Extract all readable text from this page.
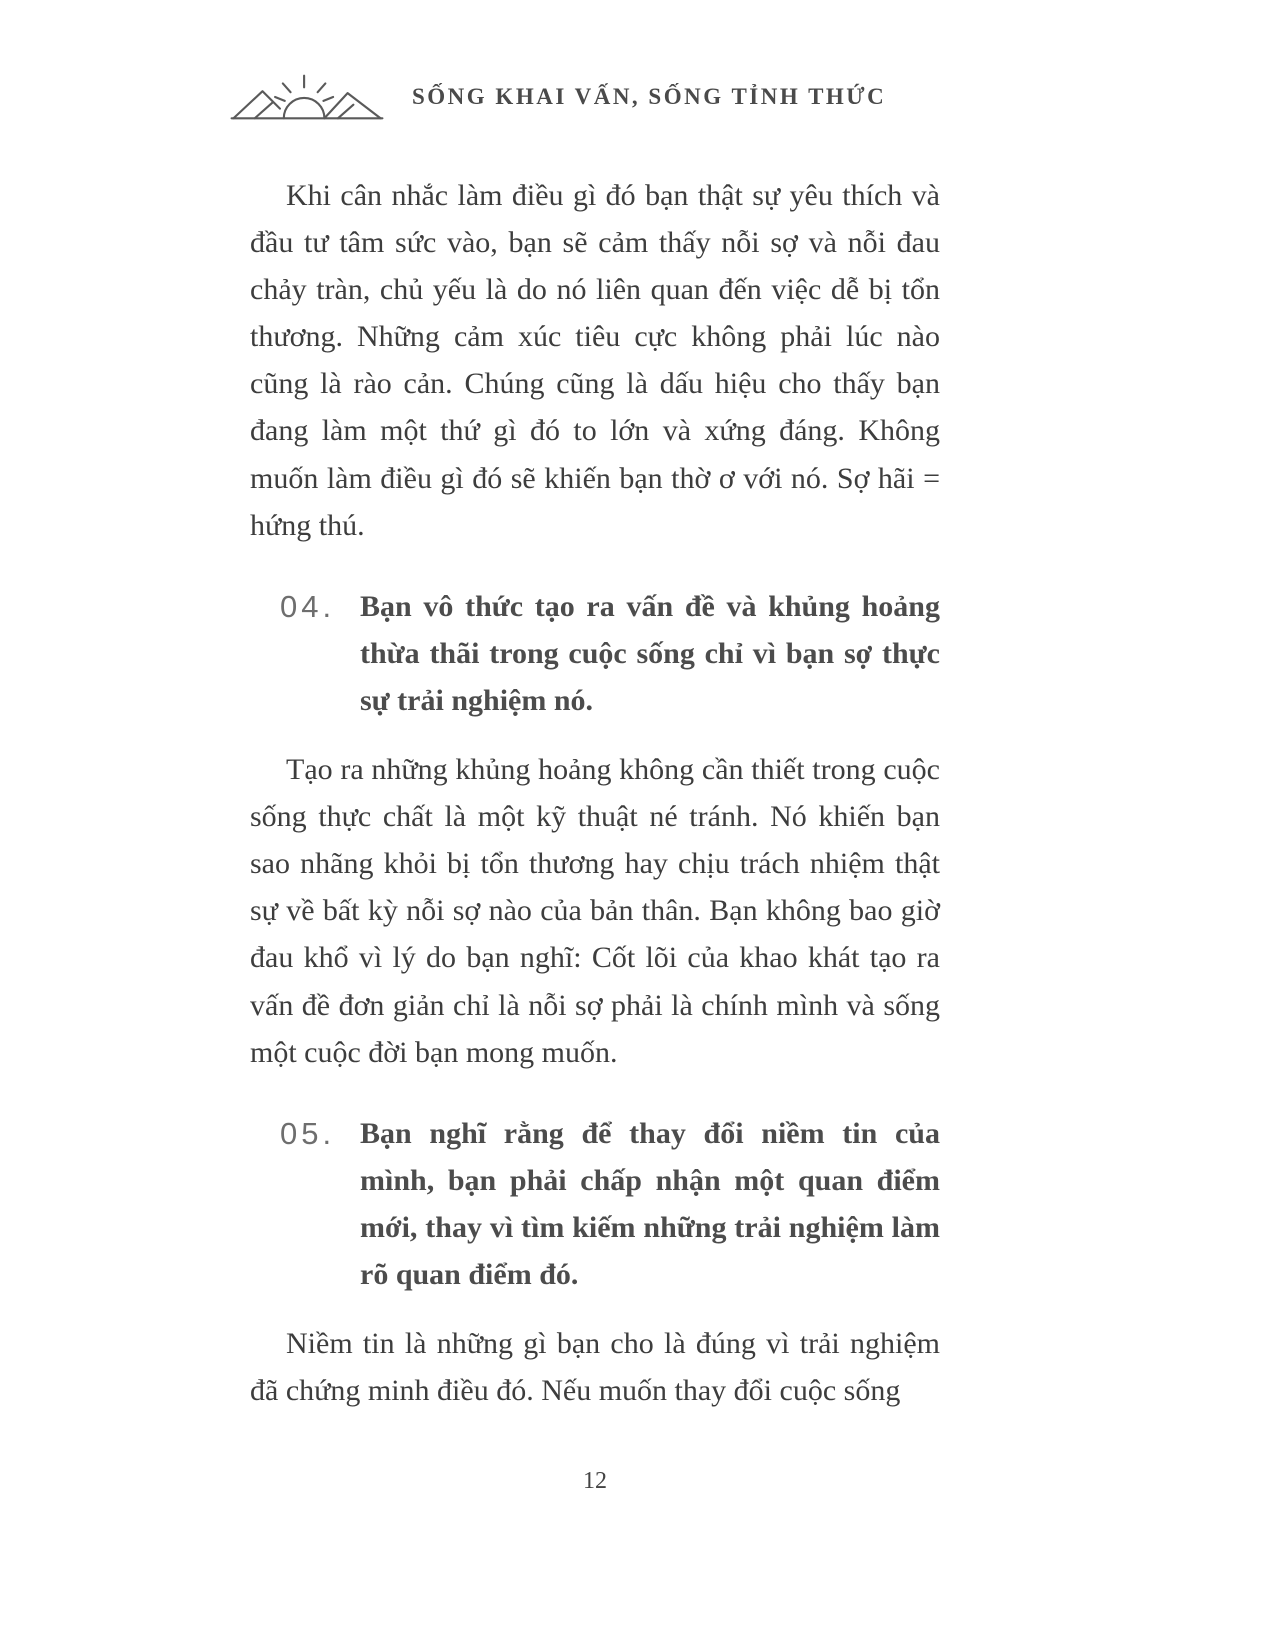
SỐNG KHAI VẤN, SỐNG TỈNH THỨC

Khi cân nhắc làm điều gì đó bạn thật sự yêu thích và đầu tư tâm sức vào, bạn sẽ cảm thấy nỗi sợ và nỗi đau chảy tràn, chủ yếu là do nó liên quan đến việc dễ bị tổn thương. Những cảm xúc tiêu cực không phải lúc nào cũng là rào cản. Chúng cũng là dấu hiệu cho thấy bạn đang làm một thứ gì đó to lớn và xứng đáng. Không muốn làm điều gì đó sẽ khiến bạn thờ ơ với nó. Sợ hãi = hứng thú.

04. Bạn vô thức tạo ra vấn đề và khủng hoảng thừa thãi trong cuộc sống chỉ vì bạn sợ thực sự trải nghiệm nó.

Tạo ra những khủng hoảng không cần thiết trong cuộc sống thực chất là một kỹ thuật né tránh. Nó khiến bạn sao nhãng khỏi bị tổn thương hay chịu trách nhiệm thật sự về bất kỳ nỗi sợ nào của bản thân. Bạn không bao giờ đau khổ vì lý do bạn nghĩ: Cốt lõi của khao khát tạo ra vấn đề đơn giản chỉ là nỗi sợ phải là chính mình và sống một cuộc đời bạn mong muốn.

05. Bạn nghĩ rằng để thay đổi niềm tin của mình, bạn phải chấp nhận một quan điểm mới, thay vì tìm kiếm những trải nghiệm làm rõ quan điểm đó.

Niềm tin là những gì bạn cho là đúng vì trải nghiệm đã chứng minh điều đó. Nếu muốn thay đổi cuộc sống

12
